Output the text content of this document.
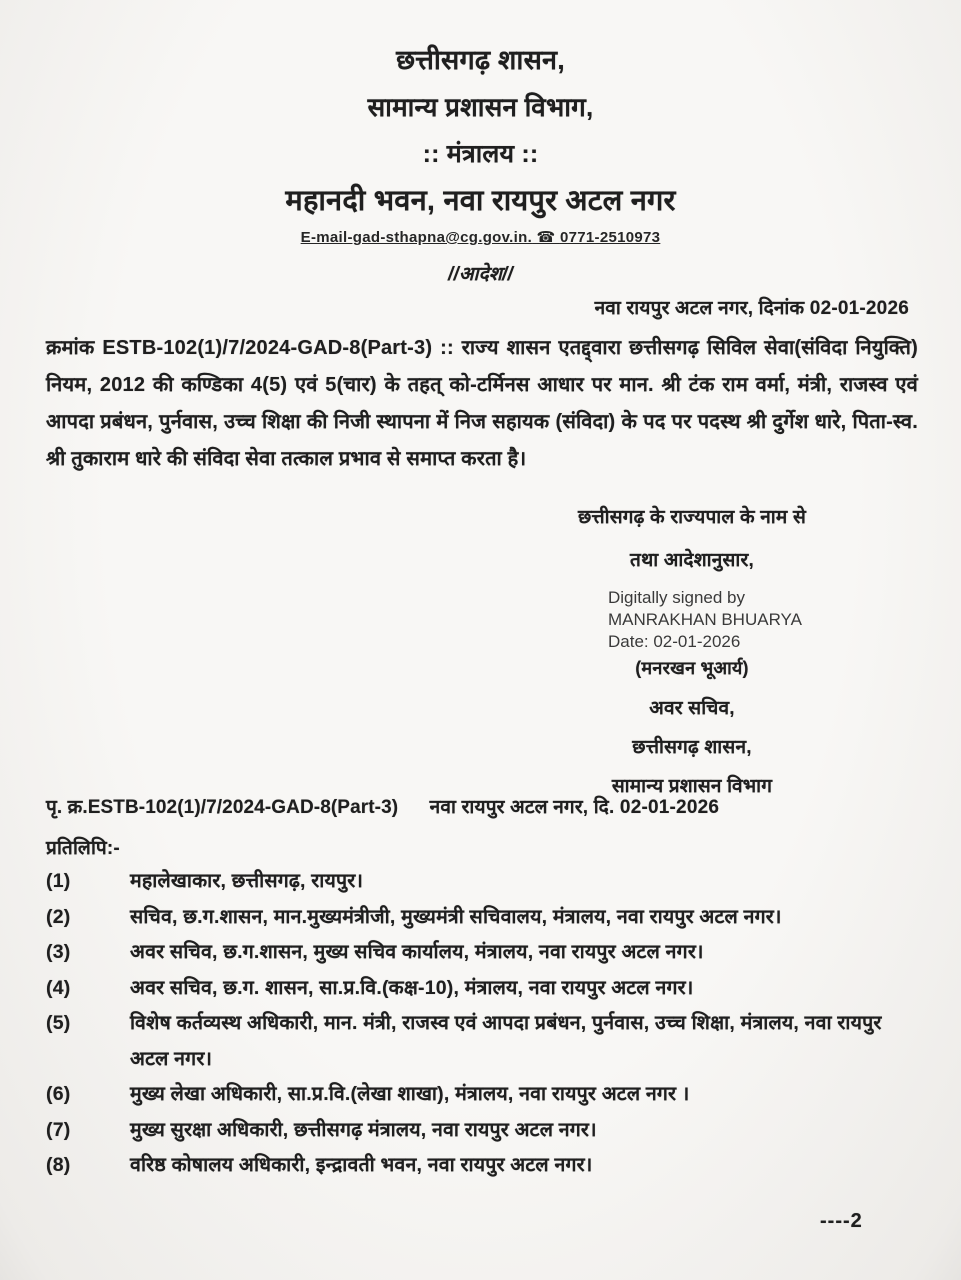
छत्तीसगढ़ शासन,
सामान्य प्रशासन विभाग,
:: मंत्रालय ::
महानदी भवन, नवा रायपुर अटल नगर
E-mail-gad-sthapna@cg.gov.in. ☎ 0771-2510973
//आदेश//
नवा रायपुर अटल नगर, दिनांक 02-01-2026
क्रमांक ESTB-102(1)/7/2024-GAD-8(Part-3) :: राज्य शासन एतद्द्वारा छत्तीसगढ़ सिविल सेवा(संविदा नियुक्ति) नियम, 2012 की कण्डिका 4(5) एवं 5(चार) के तहत् को-टर्मिनस आधार पर मान. श्री टंक राम वर्मा, मंत्री, राजस्व एवं आपदा प्रबंधन, पुर्नवास, उच्च शिक्षा की निजी स्थापना में निज सहायक (संविदा) के पद पर पदस्थ श्री दुर्गेश धारे, पिता-स्व. श्री तुकाराम धारे की संविदा सेवा तत्काल प्रभाव से समाप्त करता है।
छत्तीसगढ़ के राज्यपाल के नाम से
तथा आदेशानुसार,
Digitally signed by
MANRAKHAN BHUARYA
Date: 02-01-2026
(मनरखन भूआर्य)
अवर सचिव,
छत्तीसगढ़ शासन,
सामान्य प्रशासन विभाग
पृ. क्र.ESTB-102(1)/7/2024-GAD-8(Part-3) नवा रायपुर अटल नगर, दि. 02-01-2026
प्रतिलिपि:-
(1)	महालेखाकार, छत्तीसगढ़, रायपुर।
(2)	सचिव, छ.ग.शासन, मान.मुख्यमंत्रीजी, मुख्यमंत्री सचिवालय, मंत्रालय, नवा रायपुर अटल नगर।
(3)	अवर सचिव, छ.ग.शासन, मुख्य सचिव कार्यालय, मंत्रालय, नवा रायपुर अटल नगर।
(4)	अवर सचिव, छ.ग. शासन, सा.प्र.वि.(कक्ष-10), मंत्रालय, नवा रायपुर अटल नगर।
(5)	विशेष कर्तव्यस्थ अधिकारी, मान. मंत्री, राजस्व एवं आपदा प्रबंधन, पुर्नवास, उच्च शिक्षा, मंत्रालय, नवा रायपुर अटल नगर।
(6)	मुख्य लेखा अधिकारी, सा.प्र.वि.(लेखा शाखा), मंत्रालय, नवा रायपुर अटल नगर ।
(7)	मुख्य सुरक्षा अधिकारी, छत्तीसगढ़ मंत्रालय, नवा रायपुर अटल नगर।
(8)	वरिष्ठ कोषालय अधिकारी, इन्द्रावती भवन, नवा रायपुर अटल नगर।
----2
